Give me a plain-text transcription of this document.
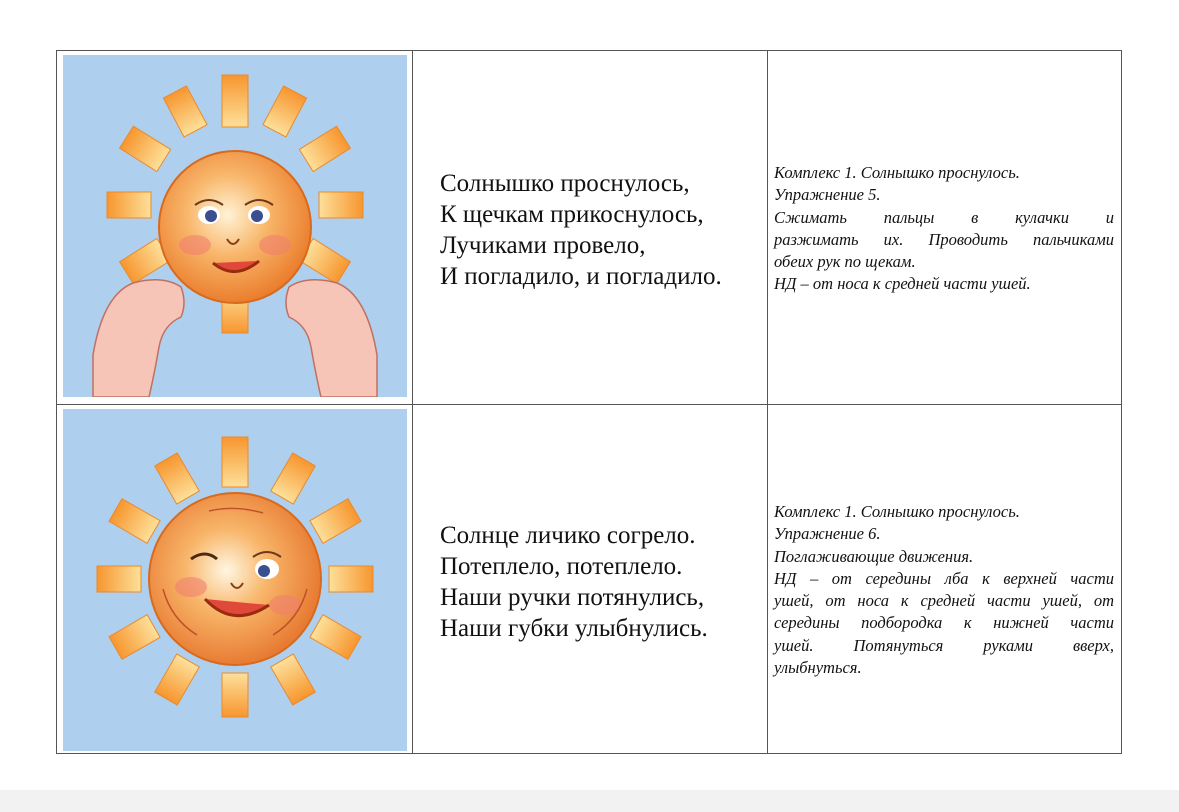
Солнышко проснулось,
К щечкам прикоснулось,
Лучиками провело,
И погладило, и погладило.
Комплекс 1. Солнышко проснулось.
Упражнение 5.
Сжимать пальцы в кулачки и
разжимать их. Проводить пальчиками
обеих рук по щекам.
НД – от носа к средней части ушей.
Солнце личико согрело.
Потеплело, потеплело.
Наши ручки потянулись,
Наши губки улыбнулись.
Комплекс 1. Солнышко проснулось.
Упражнение 6.
Поглаживающие движения.
НД – от середины лба к верхней части
ушей, от носа к средней части ушей, от
середины подбородка к нижней части
ушей. Потянуться руками вверх,
улыбнуться.
